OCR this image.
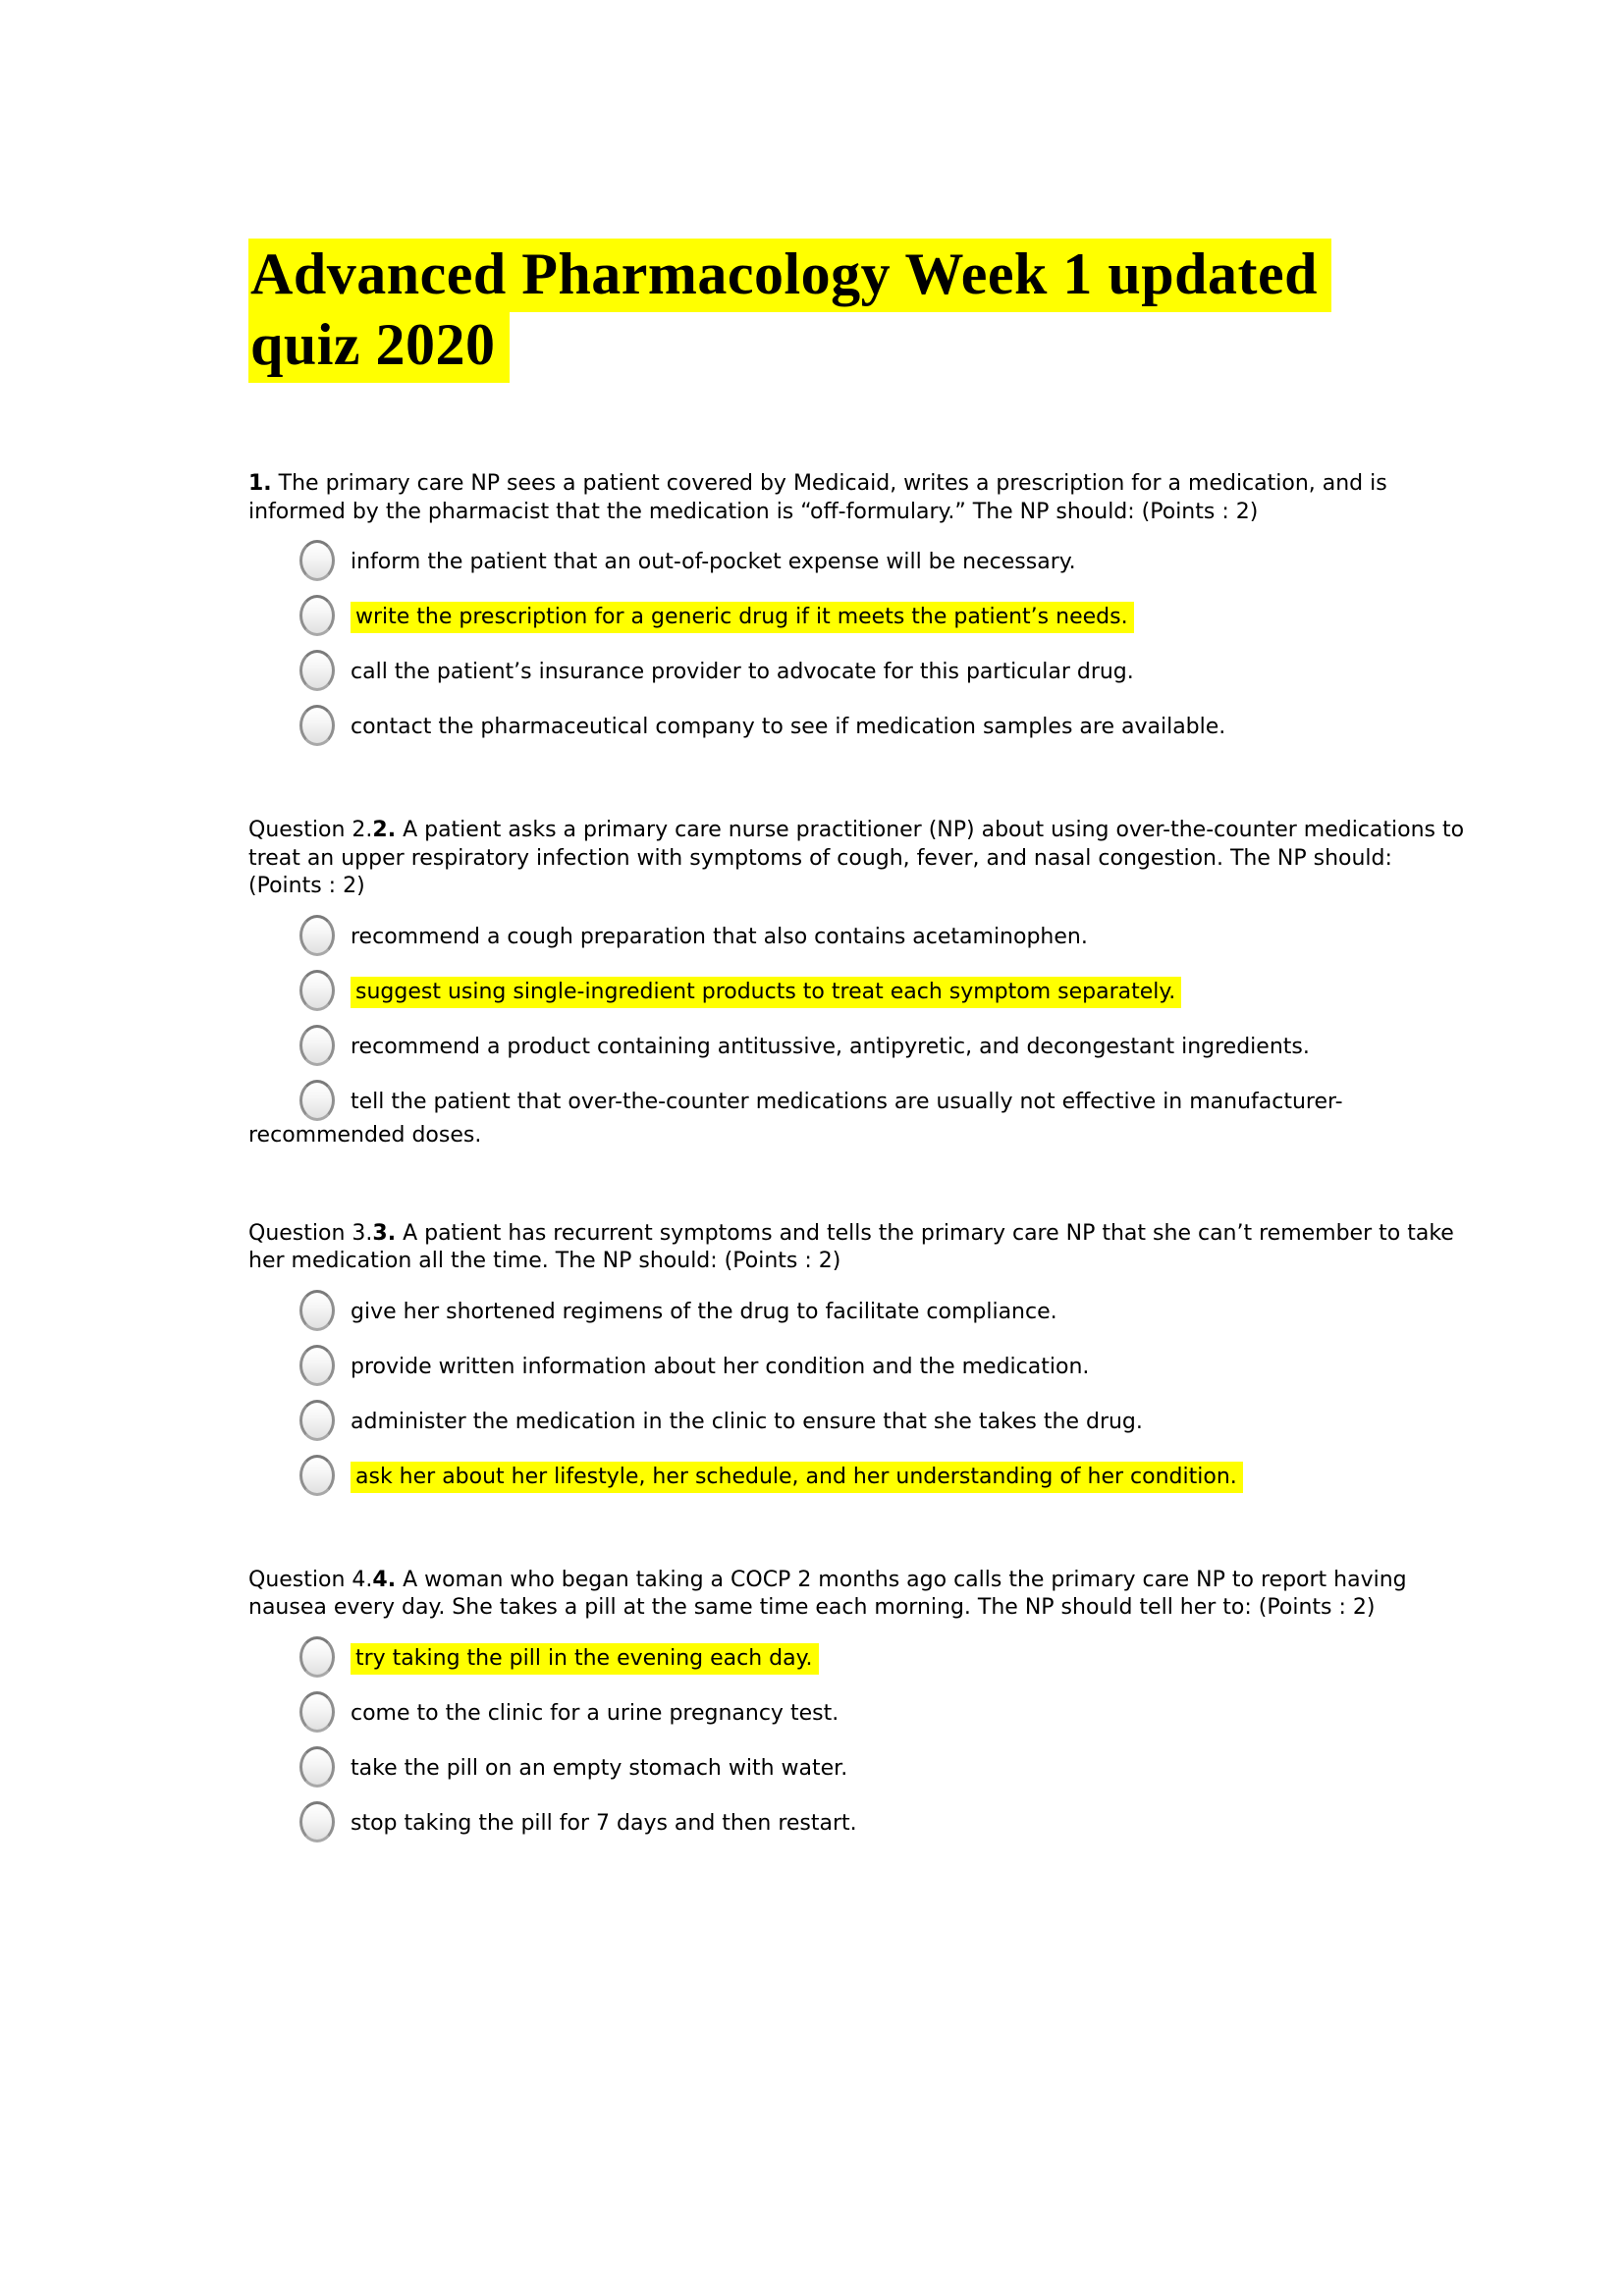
Advanced Pharmacology Week 1 updated
quiz 2020

1. The primary care NP sees a patient covered by Medicaid, writes a prescription for a medication, and is informed by the pharmacist that the medication is “off-formulary.” The NP should: (Points : 2)

inform the patient that an out-of-pocket expense will be necessary.

write the prescription for a generic drug if it meets the patient’s needs.

call the patient’s insurance provider to advocate for this particular drug.

contact the pharmaceutical company to see if medication samples are available.

Question 2.2. A patient asks a primary care nurse practitioner (NP) about using over-the-counter medications to treat an upper respiratory infection with symptoms of cough, fever, and nasal congestion. The NP should: (Points : 2)

recommend a cough preparation that also contains acetaminophen.

suggest using single-ingredient products to treat each symptom separately.

recommend a product containing antitussive, antipyretic, and decongestant ingredients.

tell the patient that over-the-counter medications are usually not effective in manufacturer-recommended doses.

Question 3.3. A patient has recurrent symptoms and tells the primary care NP that she can’t remember to take her medication all the time. The NP should: (Points : 2)

give her shortened regimens of the drug to facilitate compliance.

provide written information about her condition and the medication.

administer the medication in the clinic to ensure that she takes the drug.

ask her about her lifestyle, her schedule, and her understanding of her condition.

Question 4.4. A woman who began taking a COCP 2 months ago calls the primary care NP to report having nausea every day. She takes a pill at the same time each morning. The NP should tell her to: (Points : 2)

try taking the pill in the evening each day.

come to the clinic for a urine pregnancy test.

take the pill on an empty stomach with water.

stop taking the pill for 7 days and then restart.
